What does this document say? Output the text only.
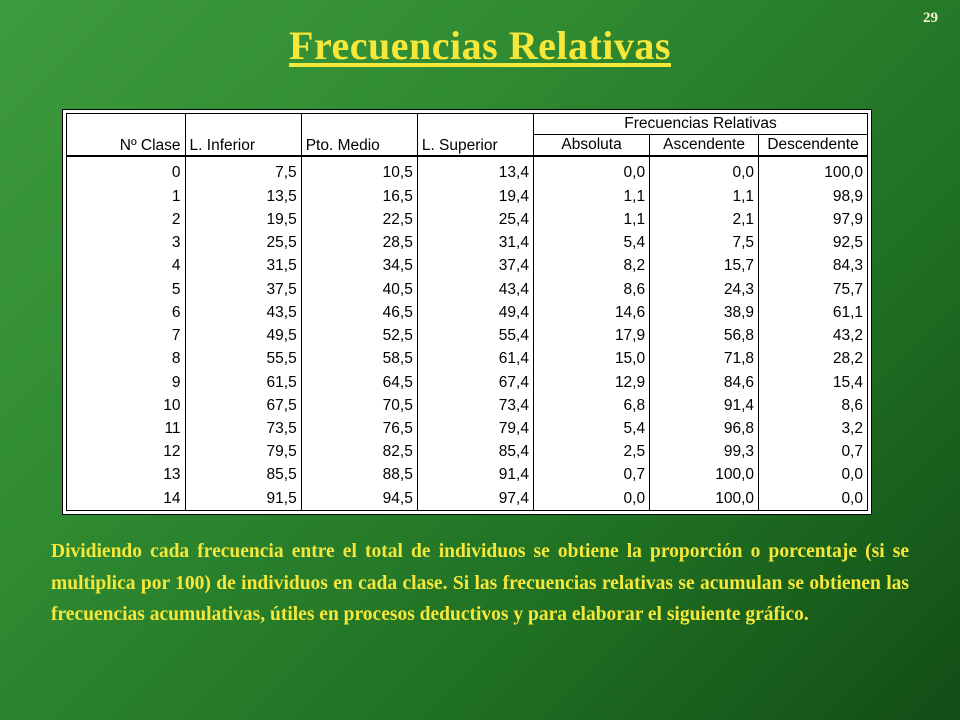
29
Frecuencias Relativas
Nº Clase	L. Inferior	Pto. Medio	L. Superior	Frecuencias Relativas		
				Absoluta	Ascendente	Descendente

0	7,5	10,5	13,4	0,0	0,0	100,0
1	13,5	16,5	19,4	1,1	1,1	98,9
2	19,5	22,5	25,4	1,1	2,1	97,9
3	25,5	28,5	31,4	5,4	7,5	92,5
4	31,5	34,5	37,4	8,2	15,7	84,3
5	37,5	40,5	43,4	8,6	24,3	75,7
6	43,5	46,5	49,4	14,6	38,9	61,1
7	49,5	52,5	55,4	17,9	56,8	43,2
8	55,5	58,5	61,4	15,0	71,8	28,2
9	61,5	64,5	67,4	12,9	84,6	15,4
10	67,5	70,5	73,4	6,8	91,4	8,6
11	73,5	76,5	79,4	5,4	96,8	3,2
12	79,5	82,5	85,4	2,5	99,3	0,7
13	85,5	88,5	91,4	0,7	100,0	0,0
14	91,5	94,5	97,4	0,0	100,0	0,0
Dividiendo cada frecuencia entre el total de individuos se obtiene la proporción o porcentaje (si se multiplica por 100) de individuos en cada clase. Si las frecuencias relativas se acumulan se obtienen las frecuencias acumulativas, útiles en procesos deductivos y para elaborar el siguiente gráfico.
